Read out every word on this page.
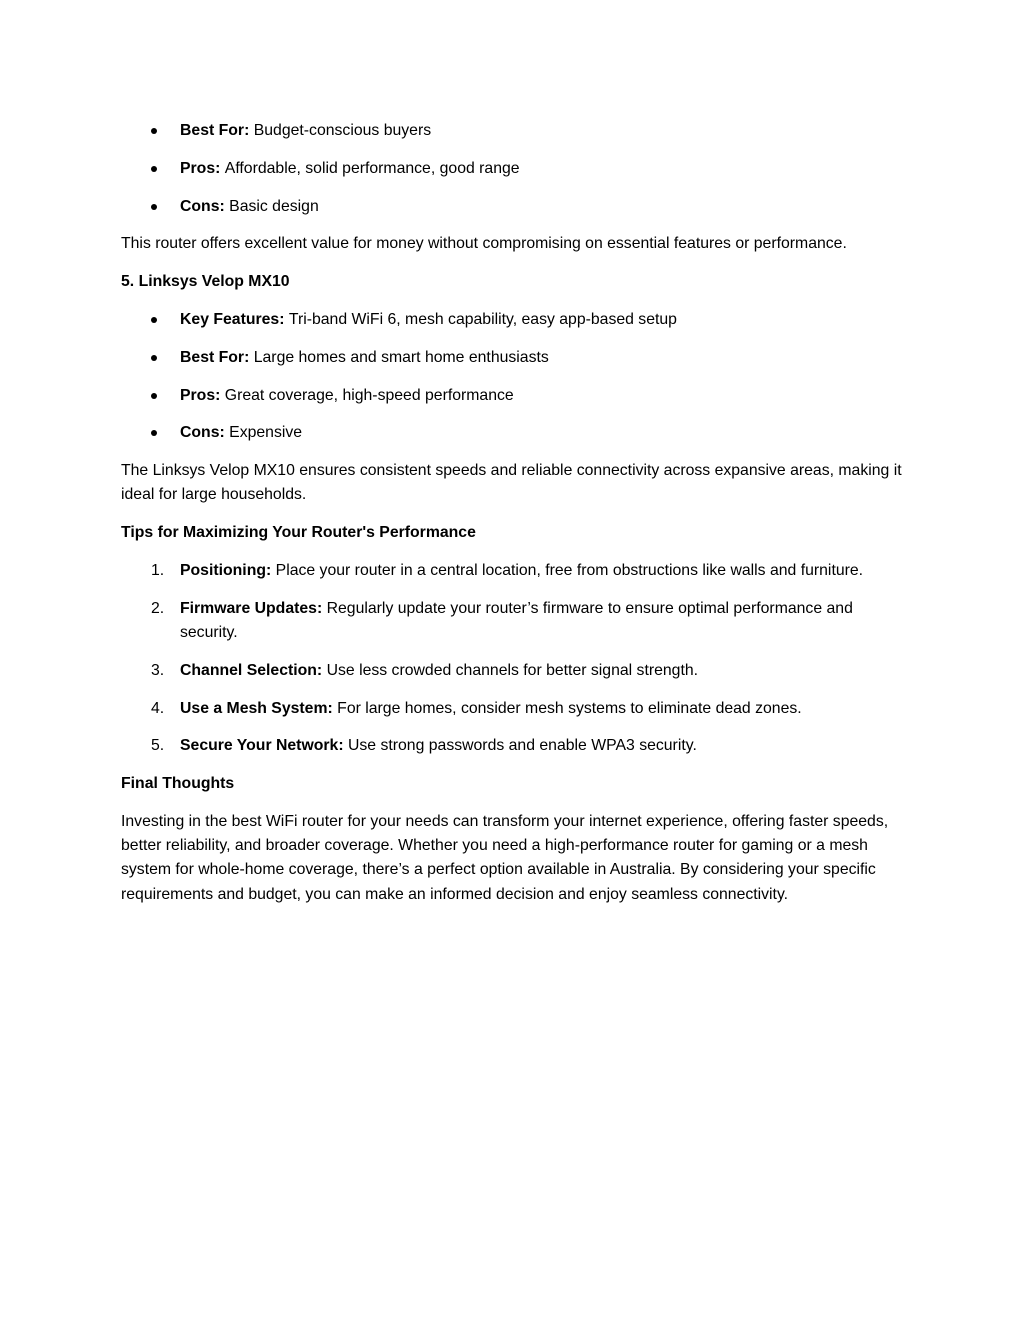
Best For: Budget-conscious buyers
Pros: Affordable, solid performance, good range
Cons: Basic design

This router offers excellent value for money without compromising on essential features or performance.

5. Linksys Velop MX10

Key Features: Tri-band WiFi 6, mesh capability, easy app-based setup
Best For: Large homes and smart home enthusiasts
Pros: Great coverage, high-speed performance
Cons: Expensive

The Linksys Velop MX10 ensures consistent speeds and reliable connectivity across expansive areas, making it ideal for large households.

Tips for Maximizing Your Router's Performance

1. Positioning: Place your router in a central location, free from obstructions like walls and furniture.
2. Firmware Updates: Regularly update your router’s firmware to ensure optimal performance and security.
3. Channel Selection: Use less crowded channels for better signal strength.
4. Use a Mesh System: For large homes, consider mesh systems to eliminate dead zones.
5. Secure Your Network: Use strong passwords and enable WPA3 security.

Final Thoughts

Investing in the best WiFi router for your needs can transform your internet experience, offering faster speeds, better reliability, and broader coverage. Whether you need a high-performance router for gaming or a mesh system for whole-home coverage, there’s a perfect option available in Australia. By considering your specific requirements and budget, you can make an informed decision and enjoy seamless connectivity.
